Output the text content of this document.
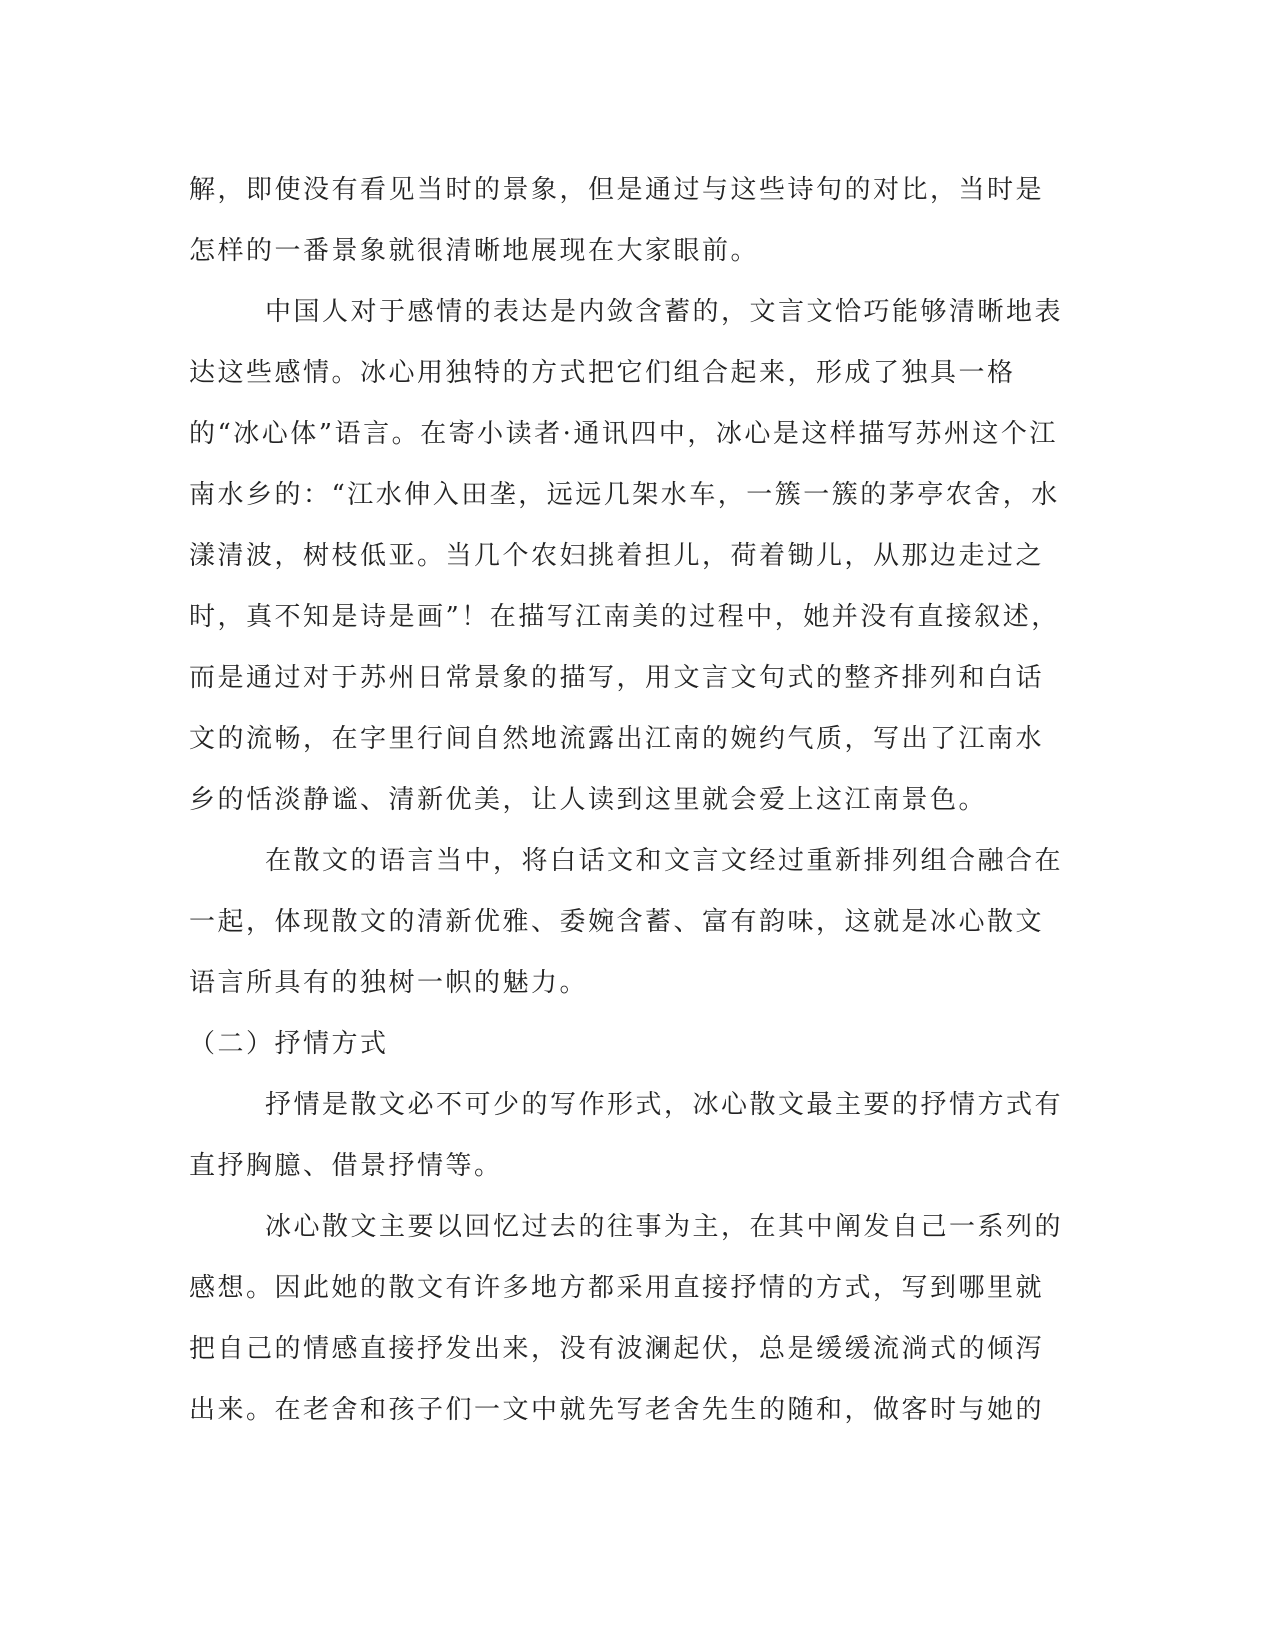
解，即使没有看见当时的景象，但是通过与这些诗句的对比，当时是怎样的一番景象就很清晰地展现在大家眼前。

中国人对于感情的表达是内敛含蓄的，文言文恰巧能够清晰地表达这些感情。冰心用独特的方式把它们组合起来，形成了独具一格的“冰心体”语言。在寄小读者·通讯四中，冰心是这样描写苏州这个江南水乡的：“江水伸入田垄，远远几架水车，一簇一簇的茅亭农舍，水漾清波，树枝低亚。当几个农妇挑着担儿，荷着锄儿，从那边走过之时，真不知是诗是画”！在描写江南美的过程中，她并没有直接叙述，而是通过对于苏州日常景象的描写，用文言文句式的整齐排列和白话文的流畅，在字里行间自然地流露出江南的婉约气质，写出了江南水乡的恬淡静谧、清新优美，让人读到这里就会爱上这江南景色。

在散文的语言当中，将白话文和文言文经过重新排列组合融合在一起，体现散文的清新优雅、委婉含蓄、富有韵味，这就是冰心散文语言所具有的独树一帜的魅力。

（二）抒情方式

抒情是散文必不可少的写作形式，冰心散文最主要的抒情方式有直抒胸臆、借景抒情等。

冰心散文主要以回忆过去的往事为主，在其中阐发自己一系列的感想。因此她的散文有许多地方都采用直接抒情的方式，写到哪里就把自己的情感直接抒发出来，没有波澜起伏，总是缓缓流淌式的倾泻出来。在老舍和孩子们一文中就先写老舍先生的随和，做客时与她的
